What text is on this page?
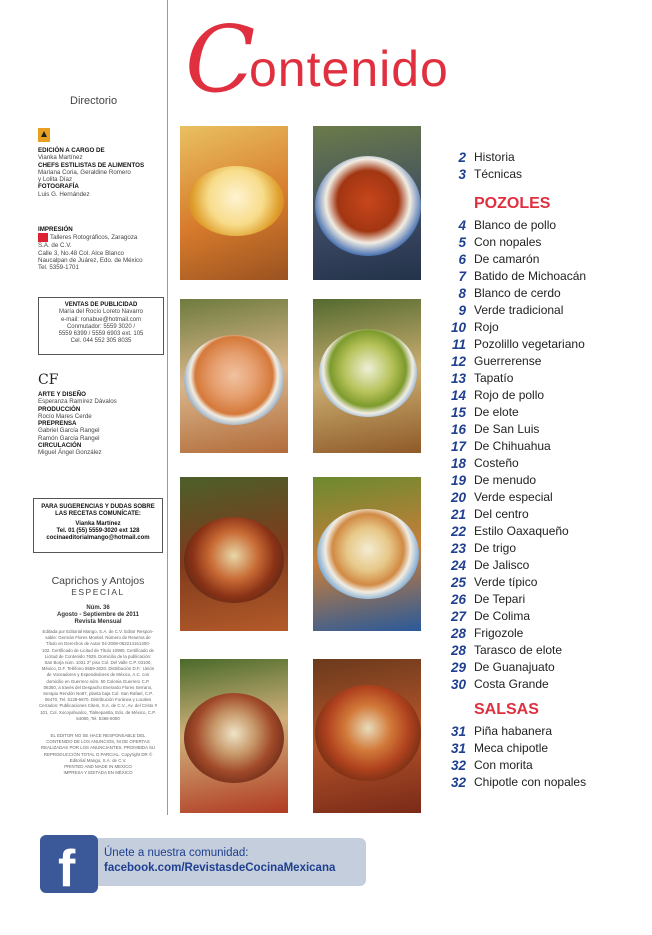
C
ontenido
Directorio
EDICIÓN A CARGO DE
Vianka Martínez
CHEFS ESTILISTAS DE ALIMENTOS
Mariana Coria, Geraldine Romero
y Lolita Díaz
FOTOGRAFÍA
Luis G. Hernández
IMPRESIÓN
Talleres Rotográficos, Zaragoza
S.A. de C.V.
Calle 3, No.48 Col. Alce Blanco
Naucalpan de Juárez, Edo. de México
Tel. 5359-1701
VENTAS DE PUBLICIDAD
María del Rocío Loreto Navarro
e-mail: ronabue@hotmail.com
Conmutador: 5559 3020 /
5559 6399 / 5559 6903 ext. 105
Cel. 044 552 305 8035
CF
ARTE Y DISEÑO
Esperanza Ramírez Dávalos
PRODUCCIÓN
Rocío Mares Cerde
PREPRENSA
Gabriel García Rangel
Ramón García Rangel
CIRCULACIÓN
Miguel Ángel González
PARA SUGERENCIAS Y DUDAS SOBRE
LAS RECETAS COMUNÍCATE:
Vianka Martínez
Tel. 01 (55) 5559-3020 ext 128
cocinaeditorialmango@hotmail.com
Caprichos y Antojos
ESPECIAL
Núm. 36
Agosto - Septiembre de 2011
Revista Mensual
Editada por Editorial Mango, S.A. de C.V. Editor Respon-
sable: Germán Flores Montiel. Número de Reserva de
Título en Derechos de Autor 04-2008-062214161400-
102. Certificado de Licitud de Título 10980. Certificado de
Licitud de Contenido 7629. Domicilio de la publicación:
San Borja núm. 1031 2º piso Col. Del Valle C.P. 03100,
México, D.F. Teléfono 5559-3020. Distribución D.F.: Unión
de Voceadores y Expendedores de México, A.C. con
domicilio en Guerrero núm. 50 Colonia Guerrero C.P.
06350, a través del Despacho Everardo Flores Serrano,
Serapio Rendón No87, planta baja Col. San Rafael, C.P.
06470, Tel. 5128-6670. Distribución Foránea y Locales
Cerrados: Publicaciones Citem, S.A. de C.V., Av. del Cristo #
101, Col. Xocoyahualco, Tlalnepantla, Edo. de México, C.P.
54080, Tel. 5366-5000
EL EDITOR NO SE HACE RESPONSABLE DEL
CONTENIDO DE LOS ANUNCIOS, NI DE OFERTAS
REALIZADAS POR LOS ANUNCIANTES. PROHIBIDA SU
REPRODUCCIÓN TOTAL O PARCIAL. Copyright DR ©
Editorial Mango, S.A. de C.V.
PRINTED AND MADE IN MEXICO
IMPRESA Y EDITADA EN MÉXICO
2 Historia
3 Técnicas
POZOLES
4 Blanco de pollo
5 Con nopales
6 De camarón
7 Batido de Michoacán
8 Blanco de cerdo
9 Verde tradicional
10 Rojo
11 Pozolillo vegetariano
12 Guerrerense
13 Tapatío
14 Rojo de pollo
15 De elote
16 De San Luis
17 De Chihuahua
18 Costeño
19 De menudo
20 Verde especial
21 Del centro
22 Estilo Oaxaqueño
23 De trigo
24 De Jalisco
25 Verde típico
26 De Tepari
27 De Colima
28 Frigozole
28 Tarasco de elote
29 De Guanajuato
30 Costa Grande
SALSAS
31 Piña habanera
31 Meca chipotle
32 Con morita
32 Chipotle con nopales
f Únete a nuestra comunidad:
facebook.com/RevistasdeCocinaMexicana
